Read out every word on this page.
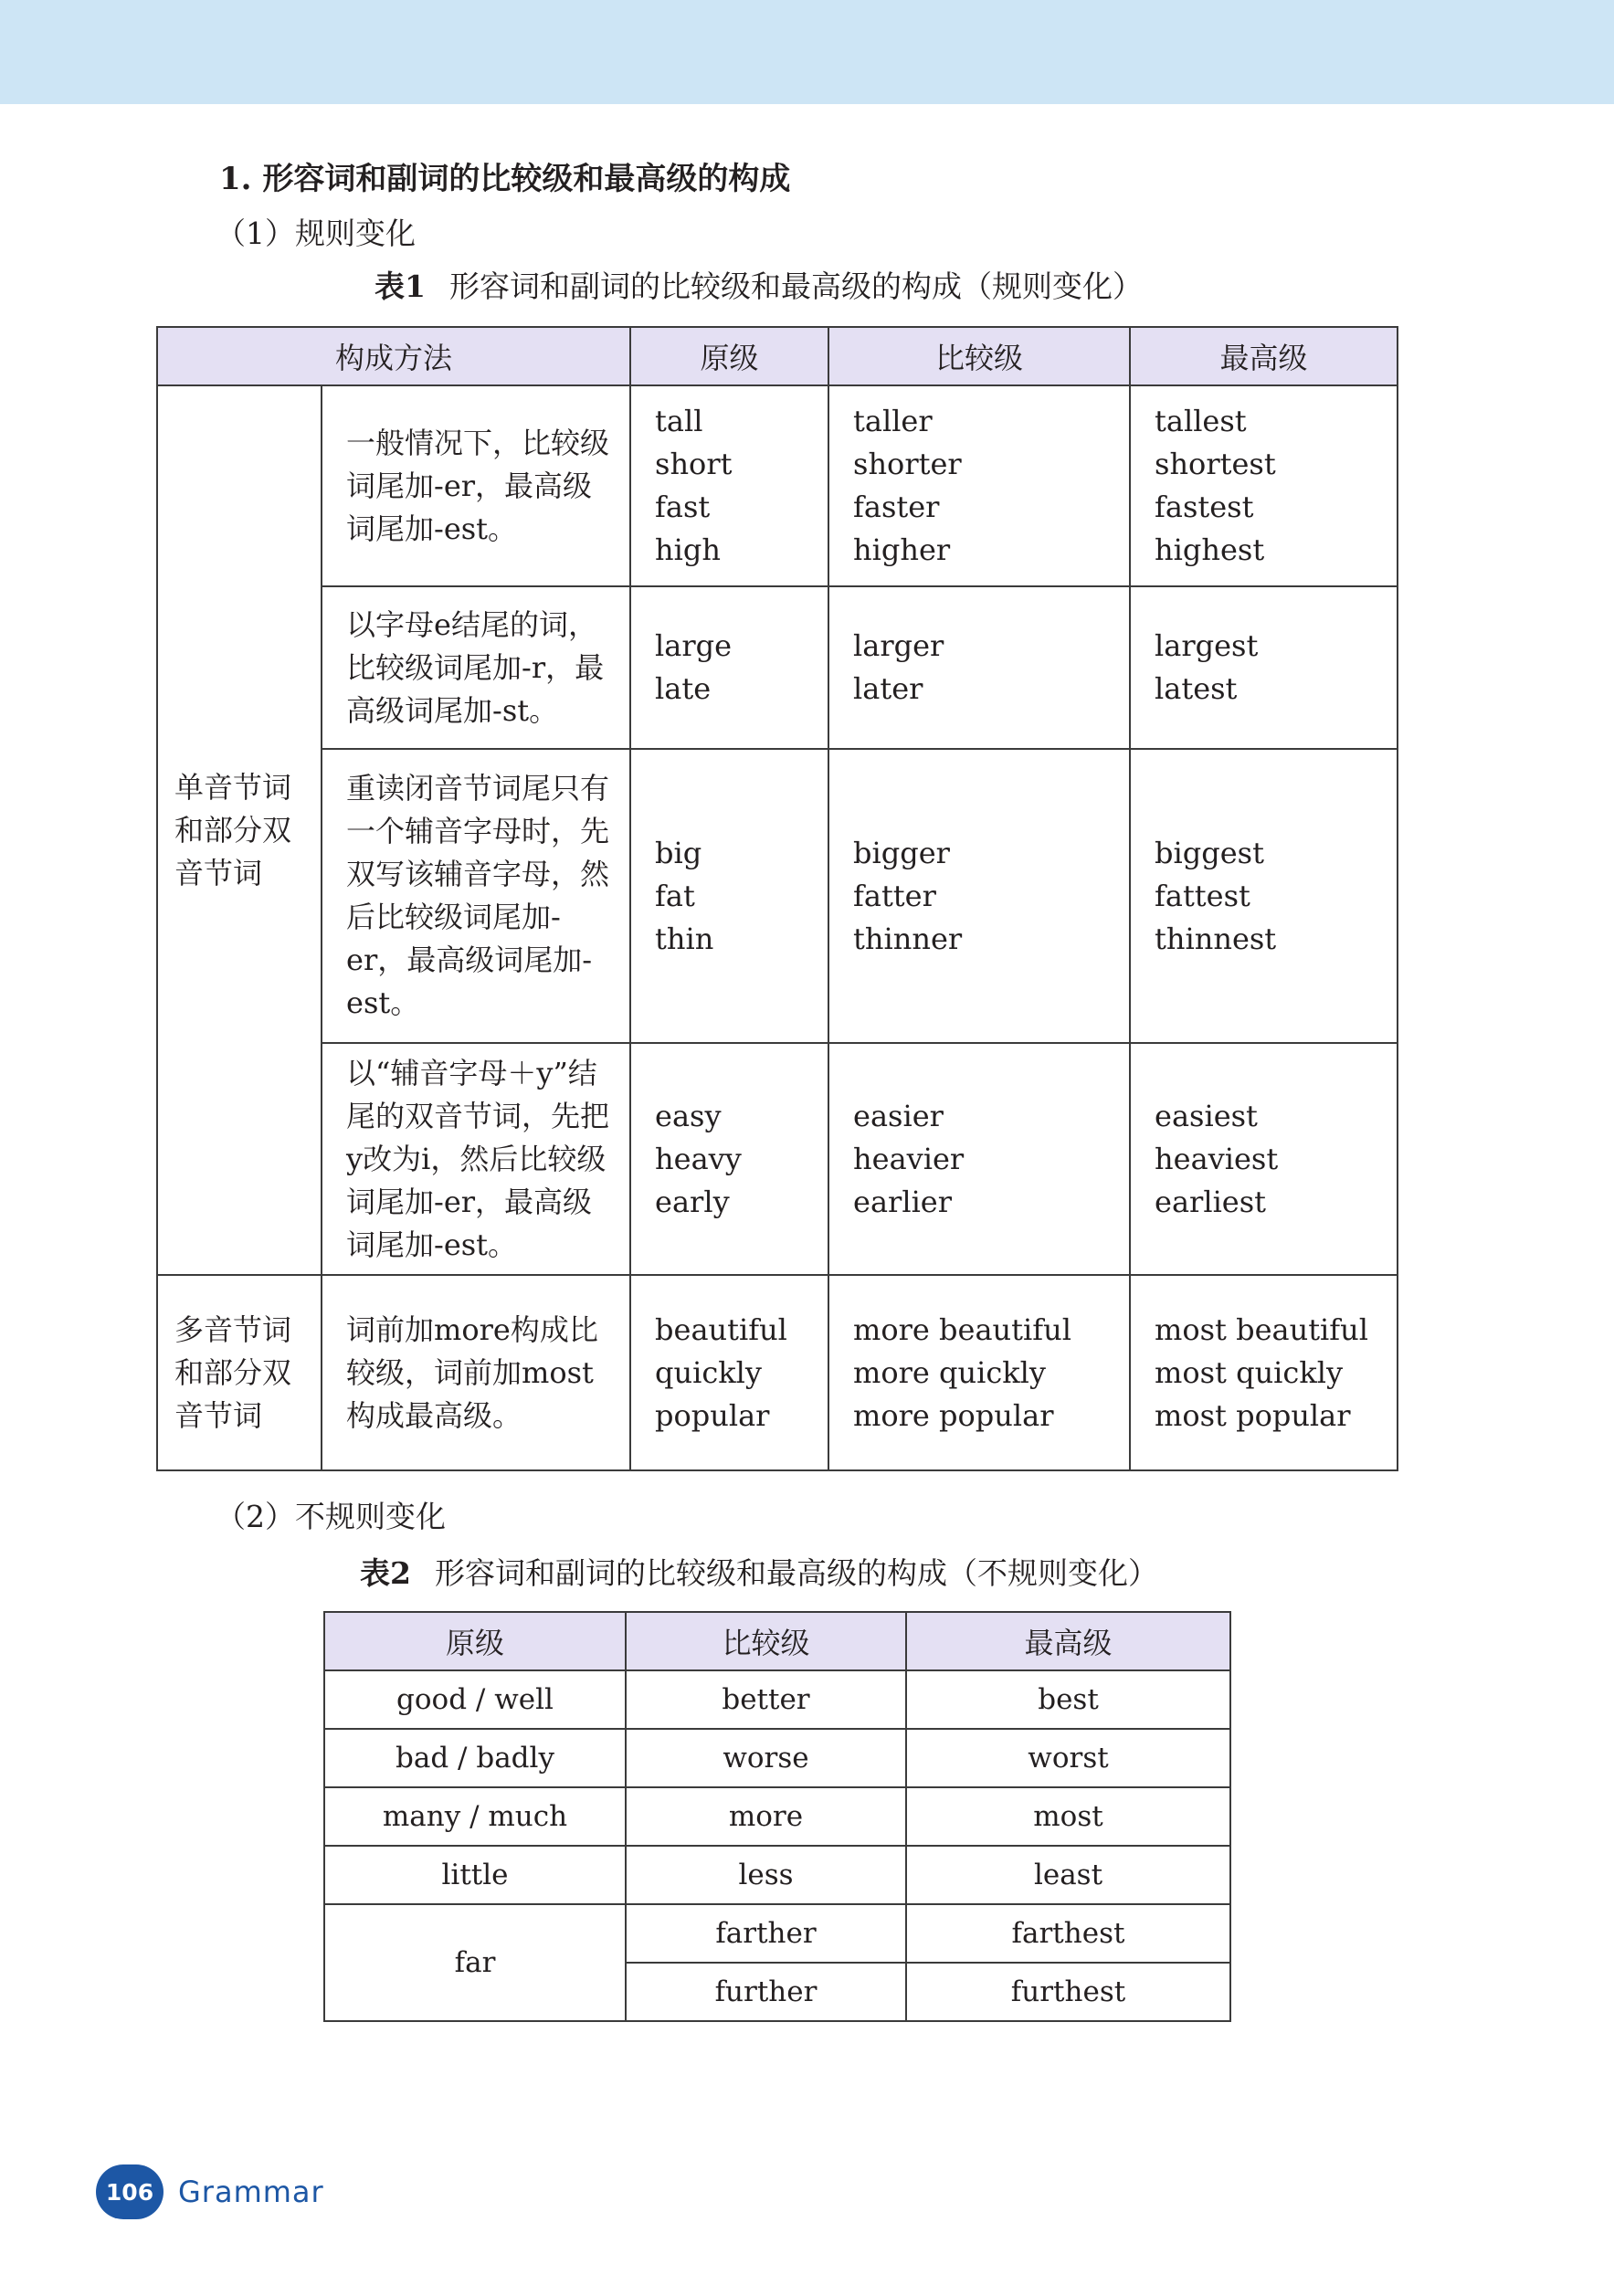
1. 形容词和副词的比较级和最高级的构成
（1）规则变化
表1 形容词和副词的比较级和最高级的构成（规则变化）
构成方法		原级	比较级	最高级
单音节词和部分双音节词	一般情况下，比较级词尾加-er，最高级词尾加-est。	tall
short
fast
high	taller
shorter
faster
higher	tallest
shortest
fastest
highest

	以字母e结尾的词，比较级词尾加-r，最高级词尾加-st。	large
late	larger
later	largest
latest

	重读闭音节词尾只有一个辅音字母时，先双写该辅音字母，然后比较级词尾加-er，最高级词尾加-est。	big
fat
thin	bigger
fatter
thinner	biggest
fattest
thinnest

	以“辅音字母＋y”结尾的双音节词，先把y改为i，然后比较级词尾加-er，最高级词尾加-est。	easy
heavy
early	easier
heavier
earlier	easiest
heaviest
earliest

多音节词和部分双音节词	词前加more构成比较级，词前加most构成最高级。	beautiful
quickly
popular	more beautiful
more quickly
more popular	most beautiful
most quickly
most popular
（2）不规则变化
表2 形容词和副词的比较级和最高级的构成（不规则变化）
原级	比较级	最高级
good / well	better	best
bad / badly	worse	worst
many / much	more	most
little	less	least
far	farther	farthest
	further	furthest
106 Grammar
